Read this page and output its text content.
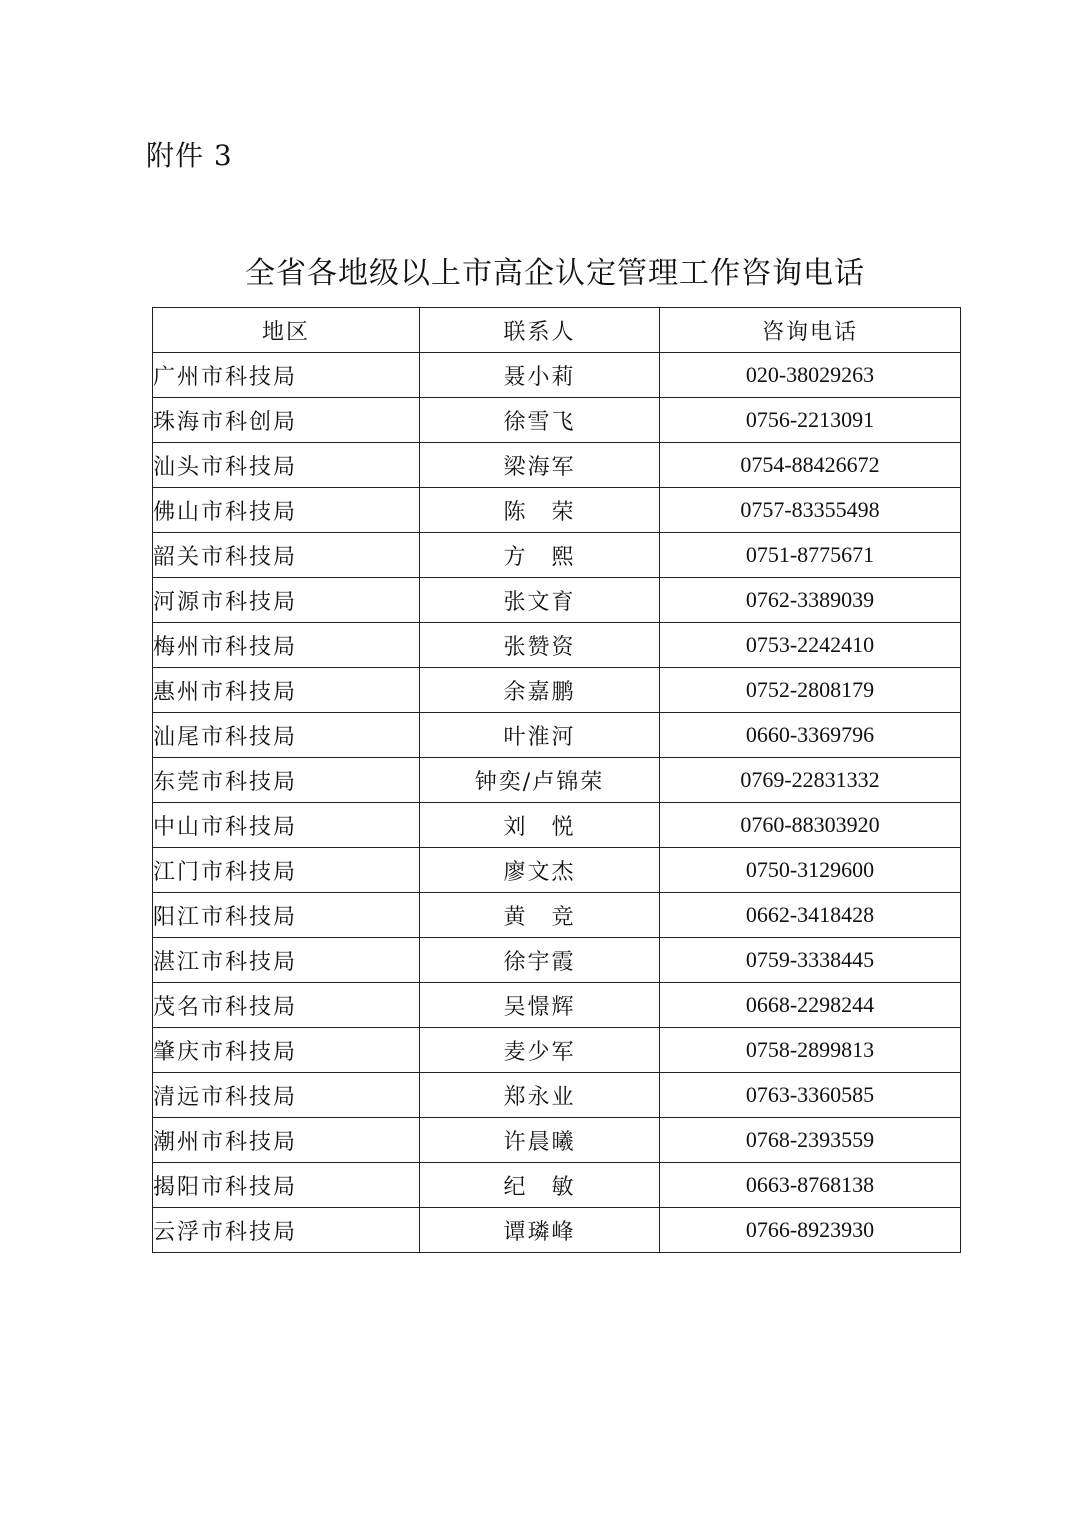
附件 3
全省各地级以上市高企认定管理工作咨询电话
地区	联系人	咨询电话
广州市科技局	聂小莉	020-38029263
珠海市科创局	徐雪飞	0756-2213091
汕头市科技局	梁海军	0754-88426672
佛山市科技局	陈　荣	0757-83355498
韶关市科技局	方　熙	0751-8775671
河源市科技局	张文育	0762-3389039
梅州市科技局	张赞资	0753-2242410
惠州市科技局	余嘉鹏	0752-2808179
汕尾市科技局	叶淮河	0660-3369796
东莞市科技局	钟奕/卢锦荣	0769-22831332
中山市科技局	刘　悦	0760-88303920
江门市科技局	廖文杰	0750-3129600
阳江市科技局	黄　竞	0662-3418428
湛江市科技局	徐宇霞	0759-3338445
茂名市科技局	吴憬辉	0668-2298244
肇庆市科技局	麦少军	0758-2899813
清远市科技局	郑永业	0763-3360585
潮州市科技局	许晨曦	0768-2393559
揭阳市科技局	纪　敏	0663-8768138
云浮市科技局	谭璘峰	0766-8923930
